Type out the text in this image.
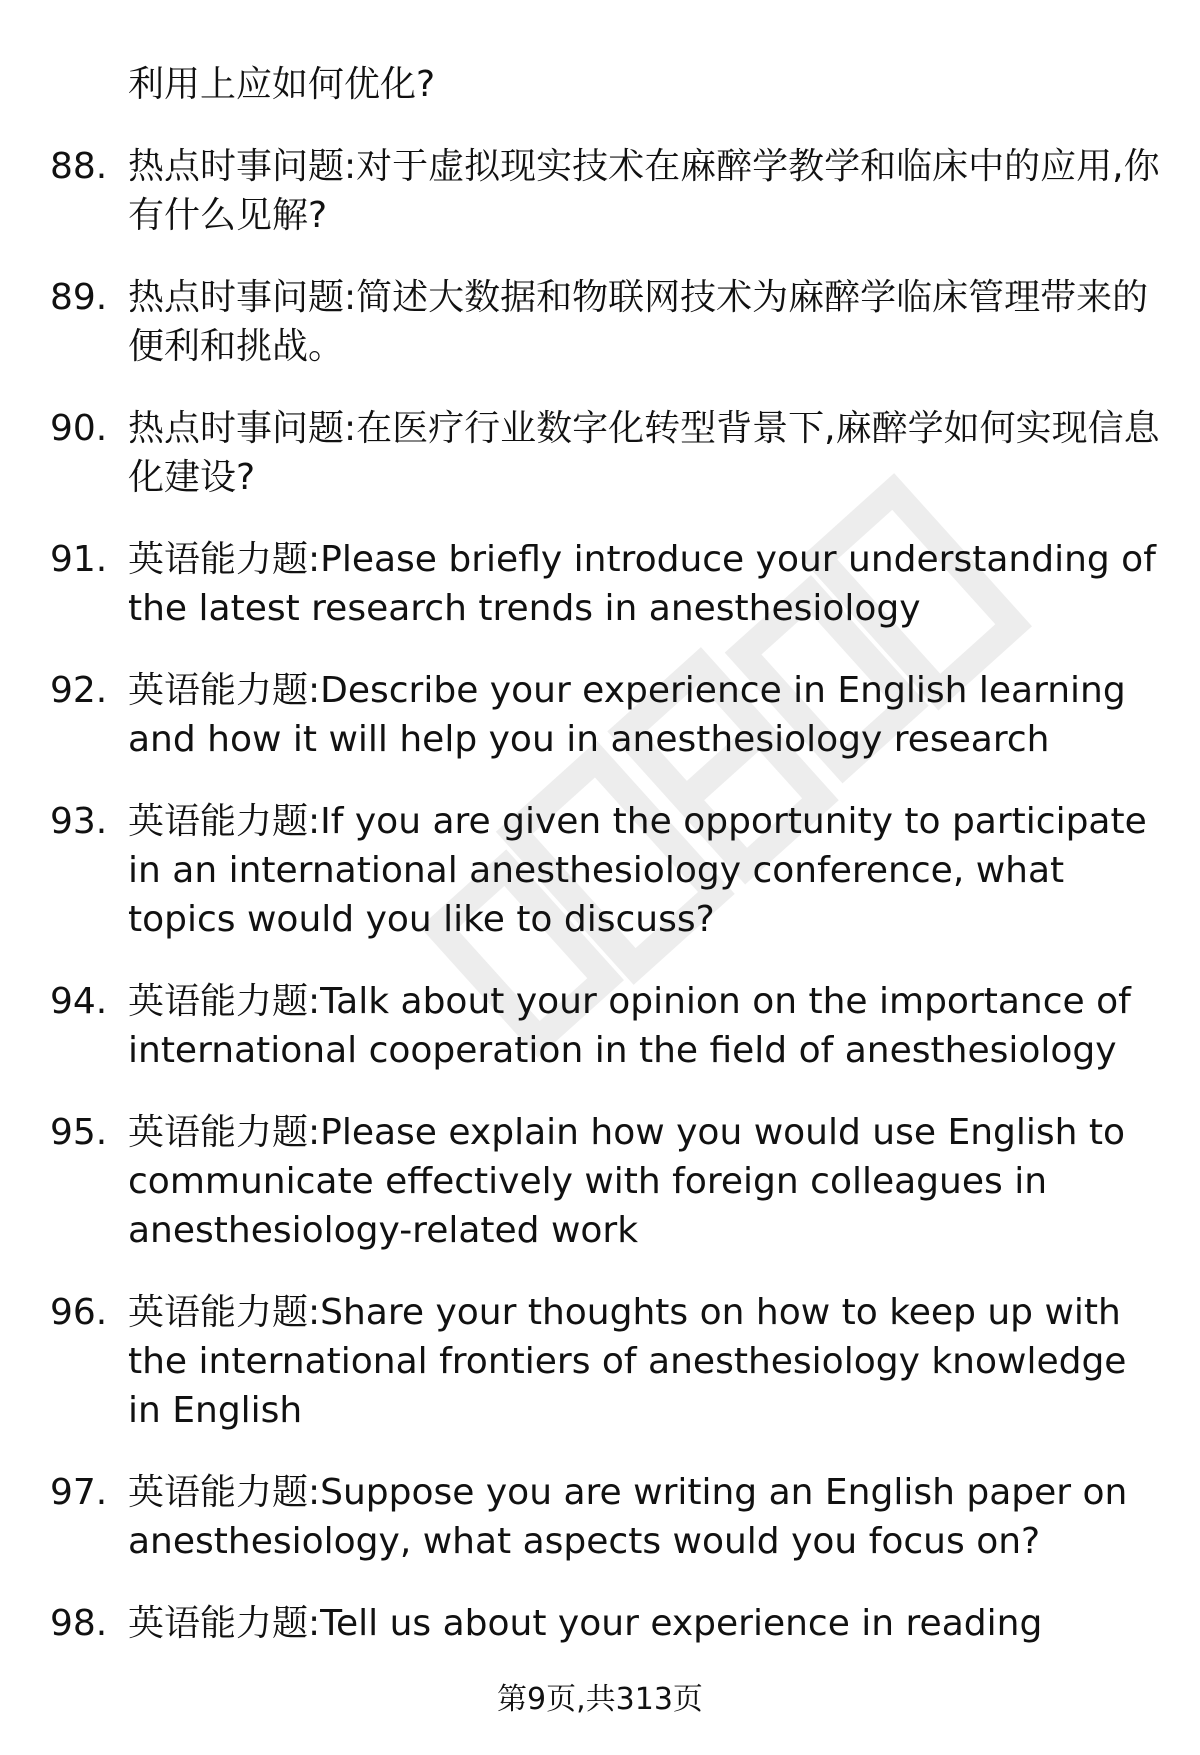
利用上应如何优化?
88. 热点时事问题:对于虚拟现实技术在麻醉学教学和临床中的应用,你有什么见解?
89. 热点时事问题:简述大数据和物联网技术为麻醉学临床管理带来的便利和挑战。
90. 热点时事问题:在医疗行业数字化转型背景下,麻醉学如何实现信息化建设?
91. 英语能力题:Please briefly introduce your understanding of the latest research trends in anesthesiology
92. 英语能力题:Describe your experience in English learning and how it will help you in anesthesiology research
93. 英语能力题:If you are given the opportunity to participate in an international anesthesiology conference, what topics would you like to discuss?
94. 英语能力题:Talk about your opinion on the importance of international cooperation in the field of anesthesiology
95. 英语能力题:Please explain how you would use English to communicate effectively with foreign colleagues in anesthesiology-related work
96. 英语能力题:Share your thoughts on how to keep up with the international frontiers of anesthesiology knowledge in English
97. 英语能力题:Suppose you are writing an English paper on anesthesiology, what aspects would you focus on?
98. 英语能力题:Tell us about your experience in reading
第9页,共313页
